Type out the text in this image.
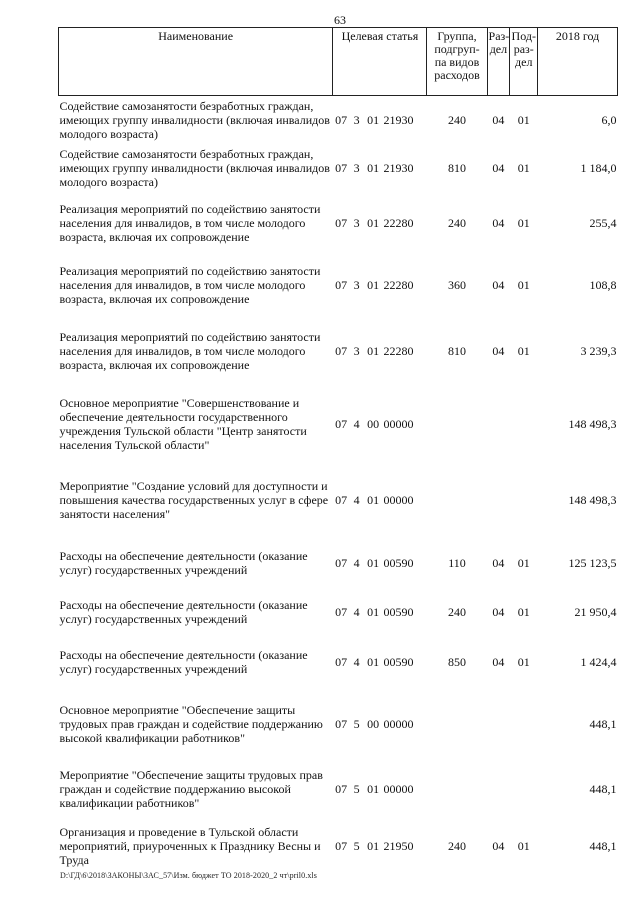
63
Наименование	Целевая статья				Группа, подгруп-па видов расходов	Раз-дел	Под-раз-дел	2018 год
Содействие самозанятости безработных граждан, имеющих группу инвалидности (включая инвалидов молодого возраста)	07	3	01	21930	240	04	01	6,0
Содействие самозанятости безработных граждан, имеющих группу инвалидности (включая инвалидов молодого возраста)	07	3	01	21930	810	04	01	1 184,0
Реализация мероприятий по содействию занятости населения для инвалидов, в том числе молодого возраста, включая их сопровождение	07	3	01	22280	240	04	01	255,4
Реализация мероприятий по содействию занятости населения для инвалидов, в том числе молодого возраста, включая их сопровождение	07	3	01	22280	360	04	01	108,8
Реализация мероприятий по содействию занятости населения для инвалидов, в том числе молодого возраста, включая их сопровождение	07	3	01	22280	810	04	01	3 239,3
Основное мероприятие "Совершенствование и обеспечение деятельности государственного учреждения Тульской области "Центр занятости населения Тульской области"	07	4	00	00000				148 498,3
Мероприятие "Создание условий для доступности и повышения качества государственных услуг в сфере занятости населения"	07	4	01	00000				148 498,3
Расходы на обеспечение деятельности (оказание услуг) государственных учреждений	07	4	01	00590	110	04	01	125 123,5
Расходы на обеспечение деятельности (оказание услуг) государственных учреждений	07	4	01	00590	240	04	01	21 950,4
Расходы на обеспечение деятельности (оказание услуг) государственных учреждений	07	4	01	00590	850	04	01	1 424,4
Основное мероприятие "Обеспечение защиты трудовых прав граждан и содействие поддержанию высокой квалификации работников"	07	5	00	00000				448,1
Мероприятие "Обеспечение защиты трудовых прав граждан и содействие поддержанию высокой квалификации работников"	07	5	01	00000				448,1
Организация и проведение в Тульской области мероприятий, приуроченных к Празднику Весны и Труда	07	5	01	21950	240	04	01	448,1
D:\ГД\6\2018\ЗАКОНЫ\ЗАС_57\Изм. бюджет ТО 2018-2020_2 чт\pril0.xls
